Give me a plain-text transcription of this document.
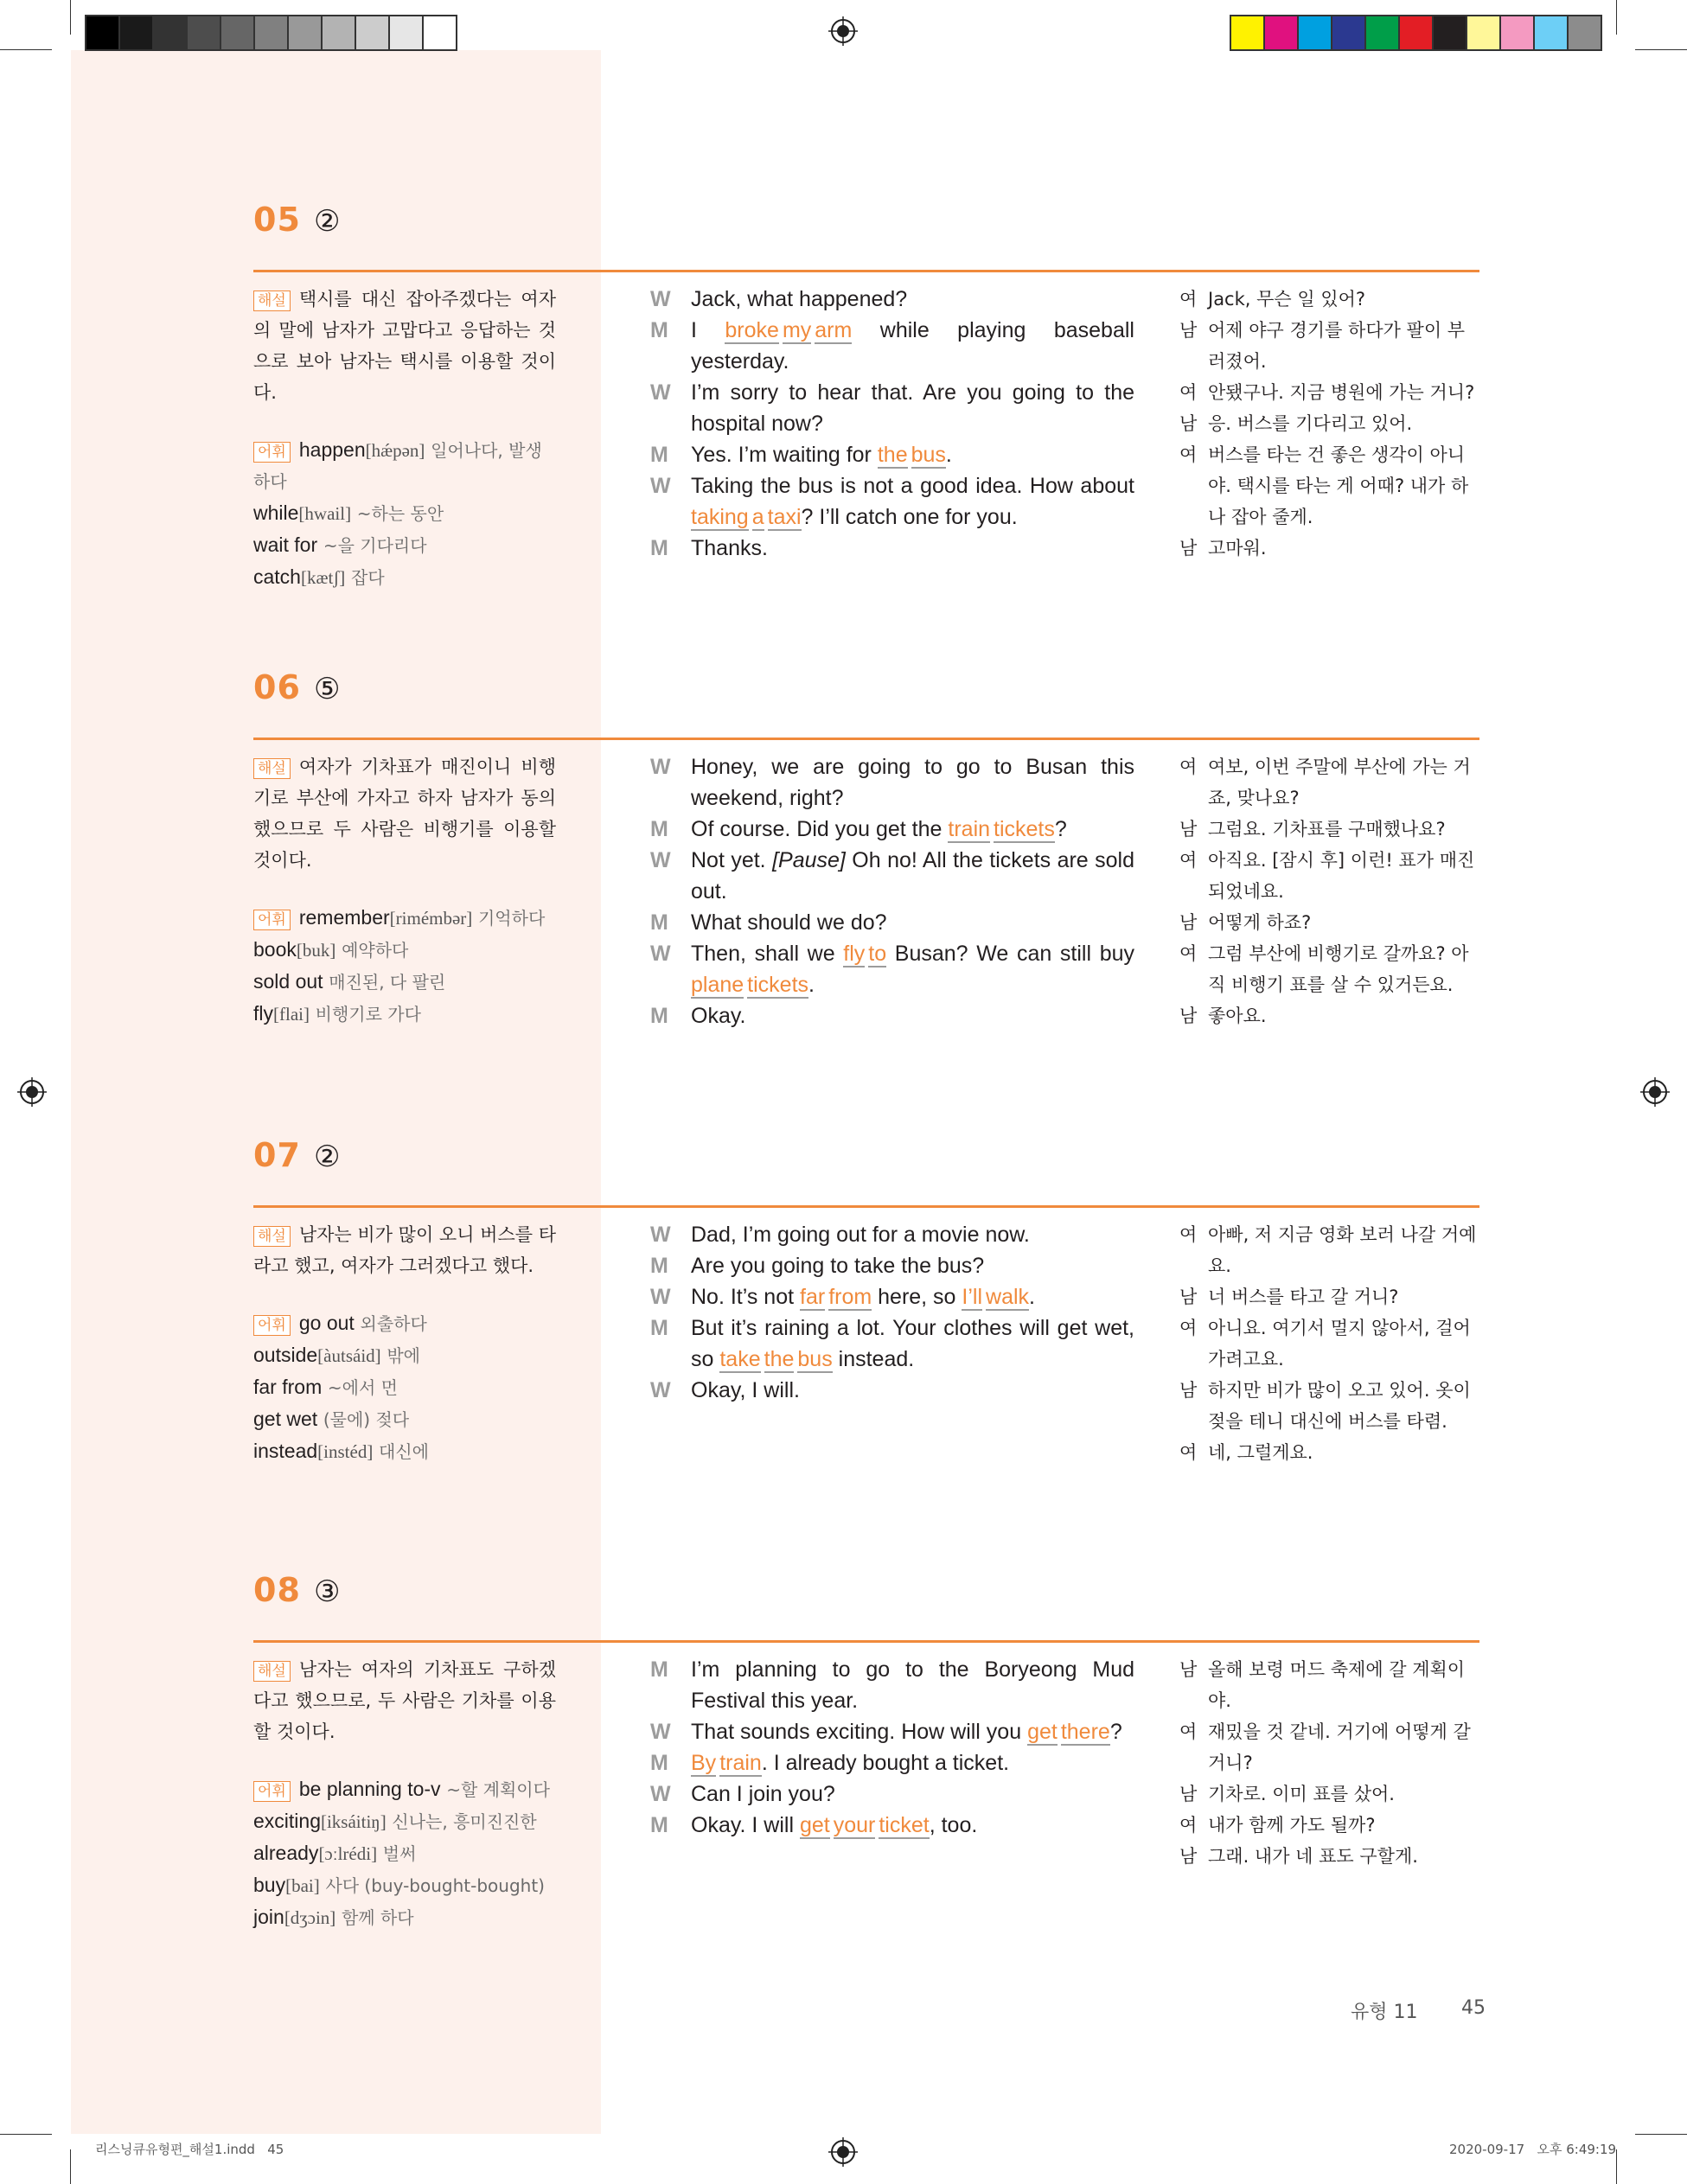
05 ②

해설 택시를 대신 잡아주겠다는 여자의 말에 남자가 고맙다고 응답하는 것으로 보아 남자는 택시를 이용할 것이다.

어휘 happen[hǽpən] 일어나다, 발생하다
while[hwail] ~하는 동안
wait for ~을 기다리다
catch[kætʃ] 잡다
W Jack, what happened?
M	I broke my arm while playing baseball yesterday.
W I’m sorry to hear that. Are you going to the hospital now?
M	Yes. I’m waiting for the bus.
W Taking the bus is not a good idea. How about taking a taxi? I’ll catch one for you.
M	Thanks.
여 Jack, 무슨 일 있어?
남 어제 야구 경기를 하다가 팔이 부러졌어.
여 안됐구나. 지금 병원에 가는 거니?
남 응. 버스를 기다리고 있어.
여 버스를 타는 건 좋은 생각이 아니야. 택시를 타는 게 어때? 내가 하나 잡아 줄게.
남 고마워.
06 ⑤

해설 여자가 기차표가 매진이니 비행기로 부산에 가자고 하자 남자가 동의했으므로 두 사람은 비행기를 이용할 것이다.

어휘 remember[rimémbər] 기억하다
book[buk] 예약하다
sold out 매진된, 다 팔린
fly[flai] 비행기로 가다
W Honey, we are going to go to Busan this weekend, right?
M	Of course. Did you get the train tickets?
W Not yet. [Pause] Oh no! All the tickets are sold out.
M	What should we do?
W Then, shall we fly to Busan? We can still buy plane tickets.
M	Okay.
여 여보, 이번 주말에 부산에 가는 거죠, 맞나요?
남 그럼요. 기차표를 구매했나요?
여 아직요. [잠시 후] 이런! 표가 매진되었네요.
남 어떻게 하죠?
여 그럼 부산에 비행기로 갈까요? 아직 비행기 표를 살 수 있거든요.
남 좋아요.
07 ②

해설 남자는 비가 많이 오니 버스를 타라고 했고, 여자가 그러겠다고 했다.

어휘 go out 외출하다
outside[àutsáid] 밖에
far from ~에서 먼
get wet (물에) 젖다
instead[instéd] 대신에
W Dad, I’m going out for a movie now.
M	Are you going to take the bus?
W No. It’s not far from here, so I’ll walk.
M	But it’s raining a lot. Your clothes will get wet, so take the bus instead.
W Okay, I will.
여 아빠, 저 지금 영화 보러 나갈 거예요.
남 너 버스를 타고 갈 거니?
여 아니요. 여기서 멀지 않아서, 걸어가려고요.
남 하지만 비가 많이 오고 있어. 옷이 젖을 테니 대신에 버스를 타렴.
여 네, 그럴게요.
08 ③

해설 남자는 여자의 기차표도 구하겠다고 했으므로, 두 사람은 기차를 이용할 것이다.

어휘 be planning to-v ~할 계획이다
exciting[iksáitiŋ] 신나는, 흥미진진한
already[ɔːlrédi] 벌써
buy[bai] 사다 (buy-bought-bought)
join[dʒɔin] 함께 하다
M	I’m planning to go to the Boryeong Mud Festival this year.
W That sounds exciting. How will you get there?
M	By train. I already bought a ticket.
W Can I join you?
M	Okay. I will get your ticket, too.
남 올해 보령 머드 축제에 갈 계획이야.
여 재밌을 것 같네. 거기에 어떻게 갈 거니?
남 기차로. 이미 표를 샀어.
여 내가 함께 가도 될까?
남 그래. 내가 네 표도 구할게.
유형 11 45
리스닝큐유형편_해설1.indd   45	2020-09-17   오후 6:49:19
